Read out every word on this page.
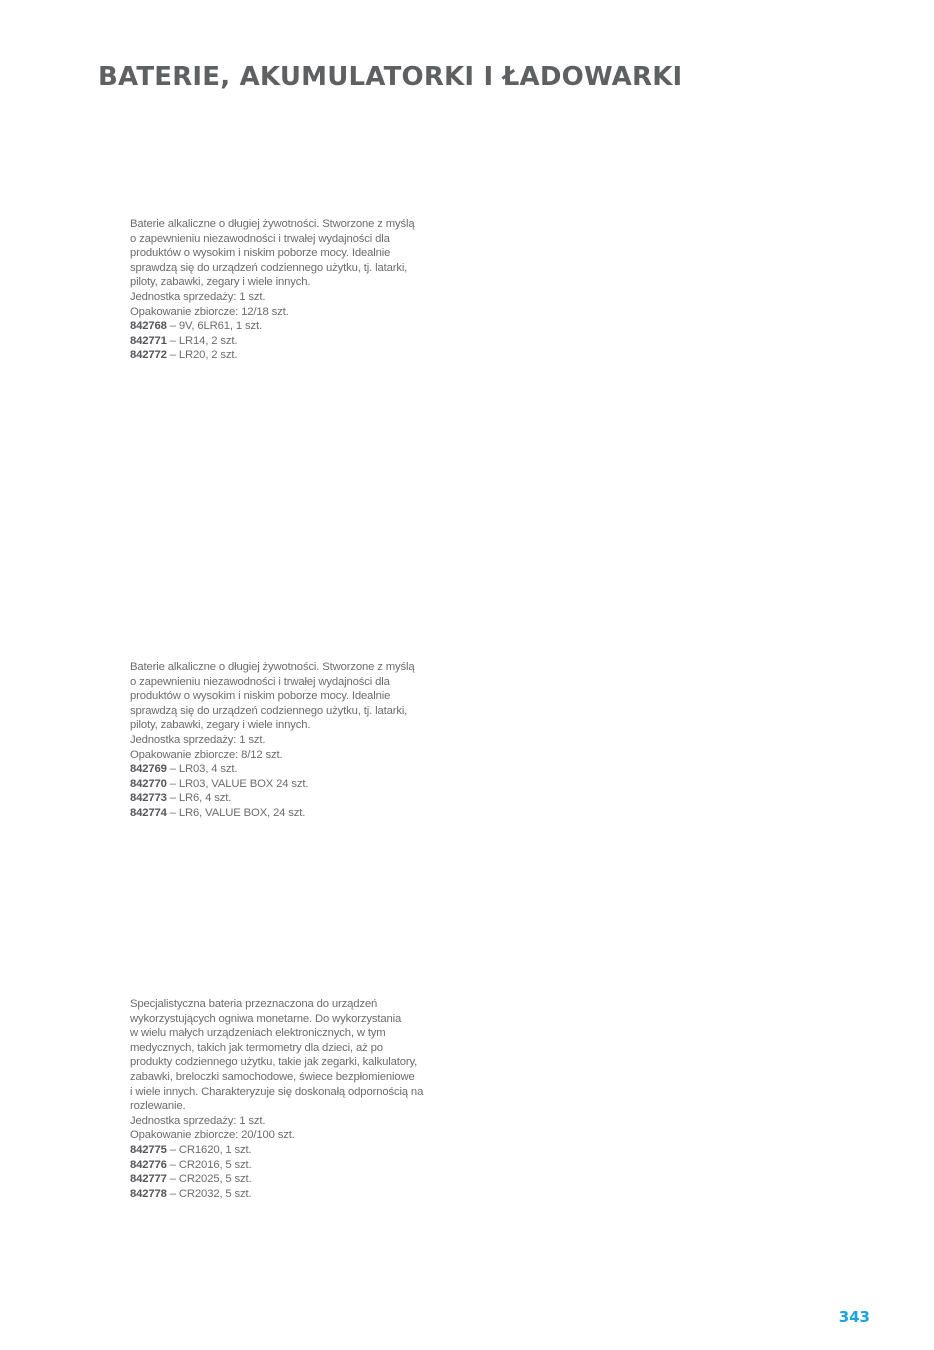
BATERIE, AKUMULATORKI I ŁADOWARKI

Baterie alkaliczne o długiej żywotności. Stworzone z myślą

o zapewnieniu niezawodności i trwałej wydajności dla

produktów o wysokim i niskim poborze mocy. Idealnie

sprawdzą się do urządzeń codziennego użytku, tj. latarki,

piloty, zabawki, zegary i wiele innych.

Jednostka sprzedaży: 1 szt.

Opakowanie zbiorcze: 12/18 szt.

842768 – 9V, 6LR61, 1 szt.

842771 – LR14, 2 szt.

842772 – LR20, 2 szt.

Baterie alkaliczne o długiej żywotności. Stworzone z myślą

o zapewnieniu niezawodności i trwałej wydajności dla

produktów o wysokim i niskim poborze mocy. Idealnie

sprawdzą się do urządzeń codziennego użytku, tj. latarki,

piloty, zabawki, zegary i wiele innych.

Jednostka sprzedaży: 1 szt.

Opakowanie zbiorcze: 8/12 szt.

842769 – LR03, 4 szt.

842770 – LR03, VALUE BOX 24 szt.

842773 – LR6, 4 szt.

842774 – LR6, VALUE BOX, 24 szt.

Specjalistyczna bateria przeznaczona do urządzeń

wykorzystujących ogniwa monetarne. Do wykorzystania

w wielu małych urządzeniach elektronicznych, w tym

medycznych, takich jak termometry dla dzieci, aż po

produkty codziennego użytku, takie jak zegarki, kalkulatory,

zabawki, breloczki samochodowe, świece bezpłomieniowe

i wiele innych. Charakteryzuje się doskonałą odpornością na

rozlewanie.

Jednostka sprzedaży: 1 szt.

Opakowanie zbiorcze: 20/100 szt.

842775 – CR1620, 1 szt.

842776 – CR2016, 5 szt.

842777 – CR2025, 5 szt.

842778 – CR2032, 5 szt.

343
